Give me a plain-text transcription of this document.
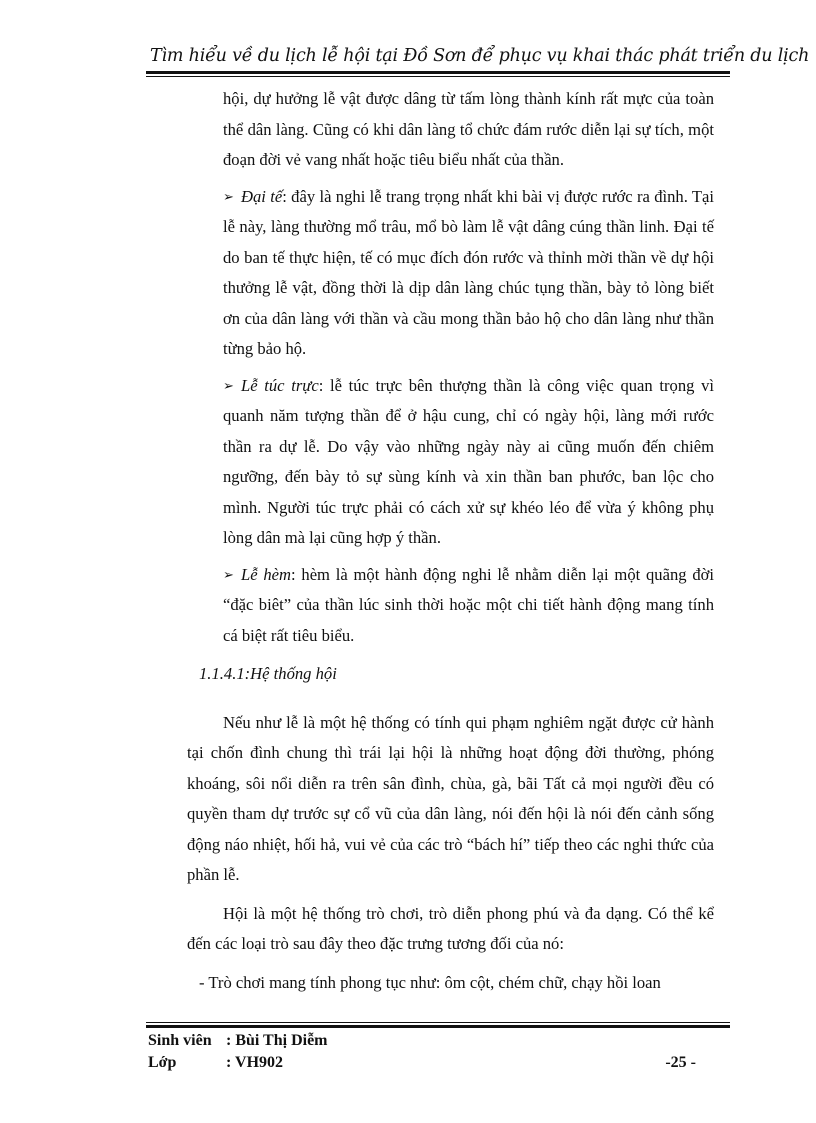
Tìm hiểu về du lịch lễ hội tại Đồ Sơn để phục vụ khai thác phát triển du lịch

hội, dự hưởng lễ vật được dâng từ tấm lòng thành kính rất mực của toàn thể dân làng. Cũng có khi dân làng tổ chức đám rước diễn lại sự tích, một đoạn đời vẻ vang nhất hoặc tiêu biểu nhất của thần.

➢ Đại tế: đây là nghi lễ trang trọng nhất khi bài vị được rước ra đình. Tại lễ này, làng thường mổ trâu, mổ bò làm lễ vật dâng cúng thần linh. Đại tế do ban tế thực hiện, tế có mục đích đón rước và thỉnh mời thần về dự hội thưởng lễ vật, đồng thời là dịp dân làng chúc tụng thần, bày tỏ lòng biết ơn của dân làng với thần và cầu mong thần bảo hộ cho dân làng như thần từng bảo hộ.

➢ Lễ túc trực: lễ túc trực bên thượng thần là công việc quan trọng vì quanh năm tượng thần để ở hậu cung, chỉ có ngày hội, làng mới rước thần ra dự lễ. Do vậy vào những ngày này ai cũng muốn đến chiêm ngưỡng, đến bày tỏ sự sùng kính và xin thần ban phước, ban lộc cho mình. Người túc trực phải có cách xử sự khéo léo để vừa ý không phụ lòng dân mà lại cũng hợp ý thần.

➢ Lễ hèm: hèm là một hành động nghi lễ nhằm diễn lại một quãng đời “đặc biêt” của thần lúc sinh thời hoặc một chi tiết hành động mang tính cá biệt rất tiêu biểu.

1.1.4.1:Hệ thống hội

Nếu như lễ là một hệ thống có tính qui phạm nghiêm ngặt được cử hành tại chốn đình chung thì trái lại hội là những hoạt động đời thường, phóng khoáng, sôi nổi diễn ra trên sân đình, chùa, gà, bãi Tất cả mọi người đều có quyền tham dự trước sự cổ vũ của dân làng, nói đến hội là nói đến cảnh sống động náo nhiệt, hối hả, vui vẻ của các trò “bách hí” tiếp theo các nghi thức của phần lễ.

Hội là một hệ thống trò chơi, trò diễn phong phú và đa dạng. Có thể kể đến các loại trò sau đây theo đặc trưng tương đối của nó:

- Trò chơi mang tính phong tục như: ôm cột, chém chữ, chạy hồi loan

Sinh viên : Bùi Thị Diễm
Lớp	: VH902	-25 -
